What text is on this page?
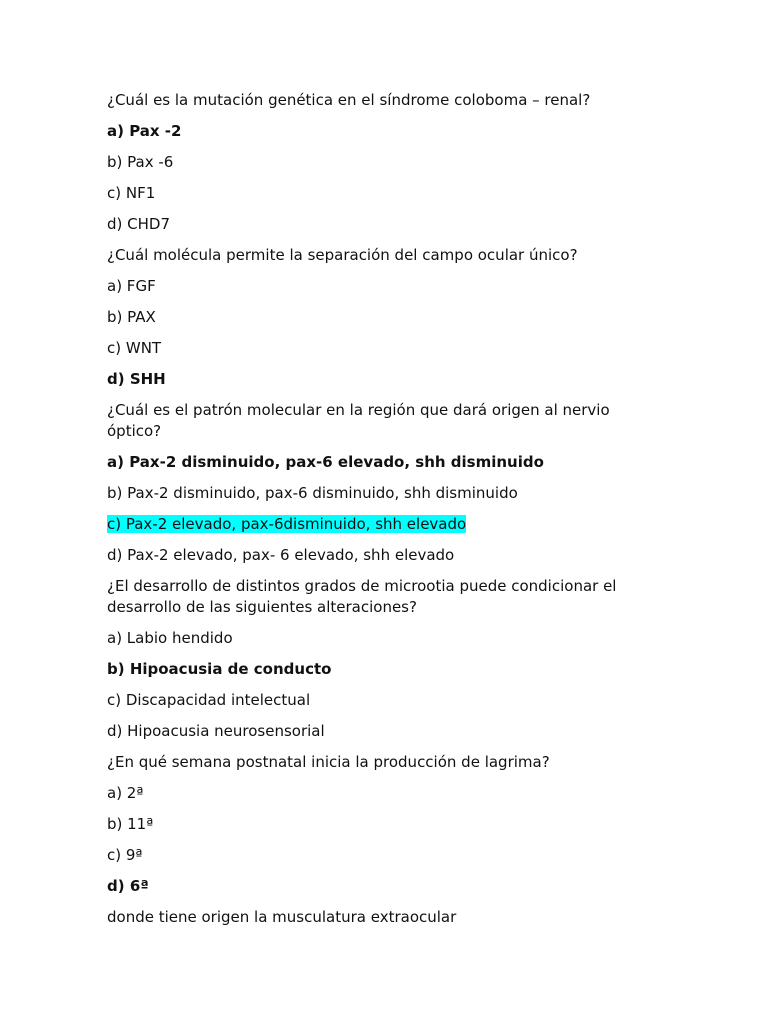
¿Cuál es la mutación genética en el síndrome coloboma – renal?

a) Pax -2

b) Pax -6

c) NF1

d) CHD7

¿Cuál molécula permite la separación del campo ocular único?

a) FGF

b) PAX

c) WNT

d) SHH

¿Cuál es el patrón molecular en la región que dará origen al nervio óptico?

a) Pax-2 disminuido, pax-6 elevado, shh disminuido

b) Pax-2 disminuido, pax-6 disminuido, shh disminuido

c) Pax-2 elevado, pax-6disminuido, shh elevado

d) Pax-2 elevado, pax- 6 elevado, shh elevado

¿El desarrollo de distintos grados de microotia puede condicionar el desarrollo de las siguientes alteraciones?

a) Labio hendido

b) Hipoacusia de conducto

c) Discapacidad intelectual

d) Hipoacusia neurosensorial

¿En qué semana postnatal inicia la producción de lagrima?

a) 2ª

b) 11ª

c) 9ª

d) 6ª

donde tiene origen la musculatura extraocular
